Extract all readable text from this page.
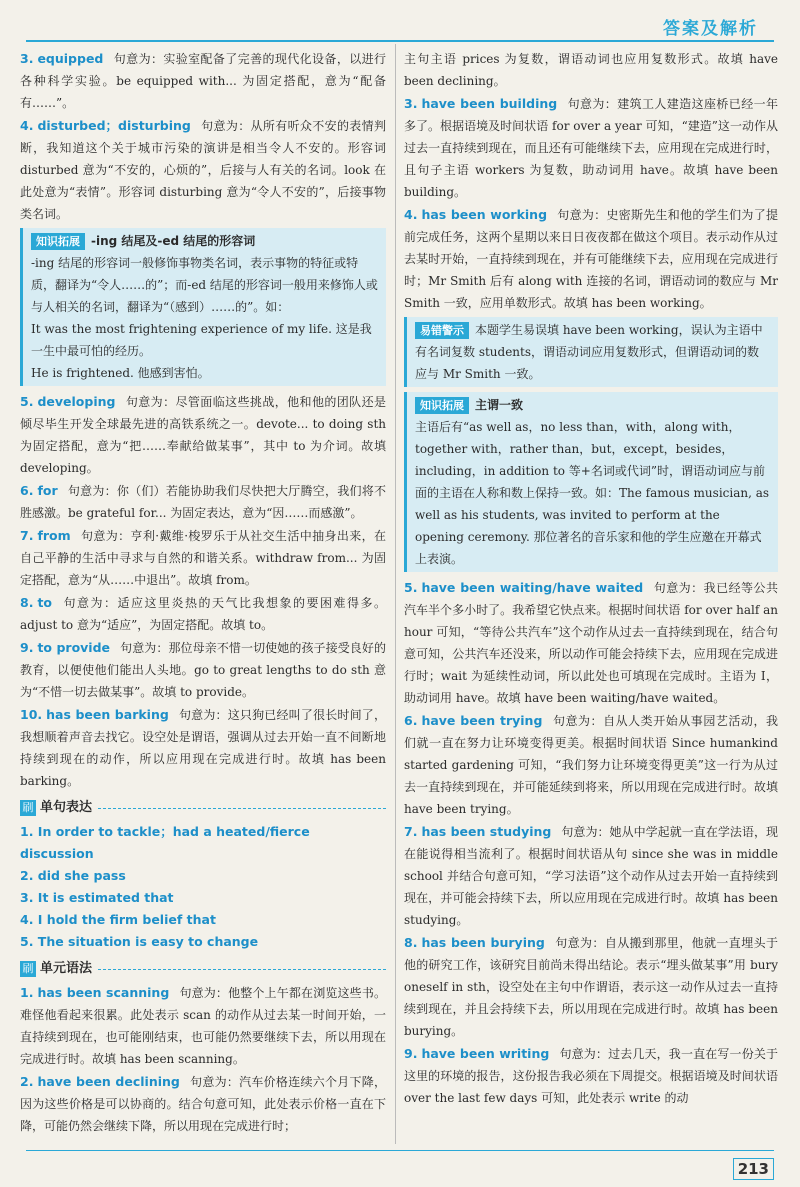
答案及解析
3. equipped 句意为：实验室配备了完善的现代化设备，以进行各种科学实验。be equipped with... 为固定搭配，意为“配备有……”。
4. disturbed；disturbing 句意为：从所有听众不安的表情判断，我知道这个关于城市污染的演讲是相当令人不安的。形容词 disturbed 意为“不安的，心烦的”，后接与人有关的名词。look 在此处意为“表情”。形容词 disturbing 意为“令人不安的”，后接事物类名词。
知识拓展 -ing 结尾及-ed 结尾的形容词
-ing 结尾的形容词一般修饰事物类名词，表示事物的特征或特质，翻译为“令人……的”；而-ed 结尾的形容词一般用来修饰人或与人相关的名词，翻译为“（感到）……的”。如：
It was the most frightening experience of my life. 这是我一生中最可怕的经历。
He is frightened. 他感到害怕。
5. developing 句意为：尽管面临这些挑战，他和他的团队还是倾尽毕生开发全球最先进的高铁系统之一。devote... to doing sth 为固定搭配，意为“把……奉献给做某事”，其中 to 为介词。故填 developing。
6. for 句意为：你（们）若能协助我们尽快把大厅腾空，我们将不胜感激。be grateful for... 为固定表达，意为“因……而感激”。
7. from 句意为：亨利·戴维·梭罗乐于从社交生活中抽身出来，在自己平静的生活中寻求与自然的和谐关系。withdraw from... 为固定搭配，意为“从……中退出”。故填 from。
8. to 句意为：适应这里炎热的天气比我想象的要困难得多。adjust to 意为“适应”，为固定搭配。故填 to。
9. to provide 句意为：那位母亲不惜一切使她的孩子接受良好的教育，以便使他们能出人头地。go to great lengths to do sth 意为“不惜一切去做某事”。故填 to provide。
10. has been barking 句意为：这只狗已经叫了很长时间了，我想顺着声音去找它。设空处是谓语，强调从过去开始一直不间断地持续到现在的动作，所以应用现在完成进行时。故填 has been barking。
刷 单句表达
1. In order to tackle；had a heated/fierce discussion
2. did she pass
3. It is estimated that
4. I hold the firm belief that
5. The situation is easy to change
刷 单元语法
1. has been scanning 句意为：他整个上午都在浏览这些书。难怪他看起来很累。此处表示 scan 的动作从过去某一时间开始，一直持续到现在，也可能刚结束，也可能仍然要继续下去，所以用现在完成进行时。故填 has been scanning。
2. have been declining 句意为：汽车价格连续六个月下降，因为这些价格是可以协商的。结合句意可知，此处表示价格一直在下降，可能仍然会继续下降，所以用现在完成进行时；
主句主语 prices 为复数，谓语动词也应用复数形式。故填 have been declining。
3. have been building 句意为：建筑工人建造这座桥已经一年多了。根据语境及时间状语 for over a year 可知，“建造”这一动作从过去一直持续到现在，而且还有可能继续下去，应用现在完成进行时，且句子主语 workers 为复数，助动词用 have。故填 have been building。
4. has been working 句意为：史密斯先生和他的学生们为了提前完成任务，这两个星期以来日日夜夜都在做这个项目。表示动作从过去某时开始，一直持续到现在，并有可能继续下去，应用现在完成进行时；Mr Smith 后有 along with 连接的名词，谓语动词的数应与 Mr Smith 一致，应用单数形式。故填 has been working。
易错警示 本题学生易误填 have been working，误认为主语中有名词复数 students，谓语动词应用复数形式，但谓语动词的数应与 Mr Smith 一致。
知识拓展 主谓一致
主语后有“as well as，no less than，with，along with，together with，rather than，but，except，besides，including，in addition to 等+名词或代词”时，谓语动词应与前面的主语在人称和数上保持一致。如：The famous musician, as well as his students, was invited to perform at the opening ceremony. 那位著名的音乐家和他的学生应邀在开幕式上表演。
5. have been waiting/have waited 句意为：我已经等公共汽车半个多小时了。我希望它快点来。根据时间状语 for over half an hour 可知，“等待公共汽车”这个动作从过去一直持续到现在，结合句意可知，公共汽车还没来，所以动作可能会持续下去，应用现在完成进行时；wait 为延续性动词，所以此处也可填现在完成时。主语为 I，助动词用 have。故填 have been waiting/have waited。
6. have been trying 句意为：自从人类开始从事园艺活动，我们就一直在努力让环境变得更美。根据时间状语 Since humankind started gardening 可知，“我们努力让环境变得更美”这一行为从过去一直持续到现在，并可能延续到将来，所以用现在完成进行时。故填 have been trying。
7. has been studying 句意为：她从中学起就一直在学法语，现在能说得相当流利了。根据时间状语从句 since she was in middle school 并结合句意可知，“学习法语”这个动作从过去开始一直持续到现在，并可能会持续下去，所以应用现在完成进行时。故填 has been studying。
8. has been burying 句意为：自从搬到那里，他就一直埋头于他的研究工作，该研究目前尚未得出结论。表示“埋头做某事”用 bury oneself in sth，设空处在主句中作谓语，表示这一动作从过去一直持续到现在，并且会持续下去，所以用现在完成进行时。故填 has been burying。
9. have been writing 句意为：过去几天，我一直在写一份关于这里的环境的报告，这份报告我必须在下周提交。根据语境及时间状语 over the last few days 可知，此处表示 write 的动
213
